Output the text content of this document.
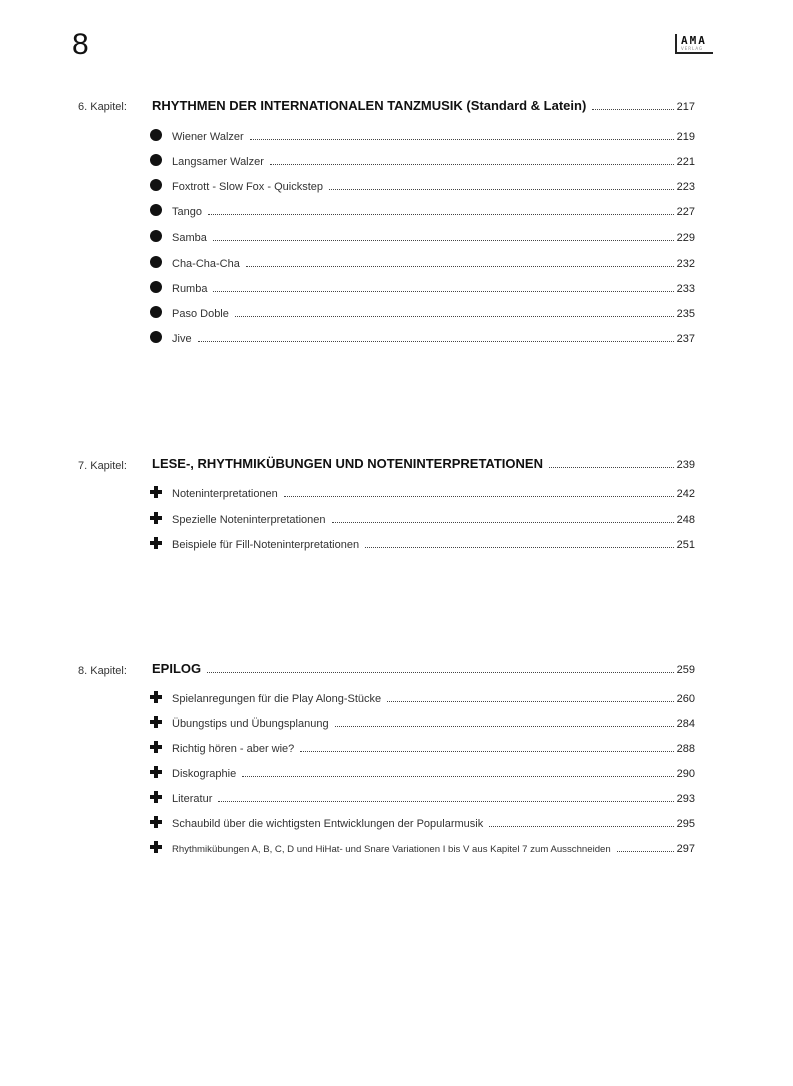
8	AMA
VERLAG
6. Kapitel: RHYTHMEN DER INTERNATIONALEN TANZMUSIK (Standard & Latein)	217
Wiener Walzer	219
Langsamer Walzer	221
Foxtrott - Slow Fox - Quickstep	223
Tango	227
Samba	229
Cha-Cha-Cha	232
Rumba	233
Paso Doble	235
Jive	237
7. Kapitel: LESE-, RHYTHMIKÜBUNGEN UND NOTENINTERPRETATIONEN	239
Noteninterpretationen	242
Spezielle Noteninterpretationen	248
Beispiele für Fill-Noteninterpretationen	251
8. Kapitel: EPILOG	259
Spielanregungen für die Play Along-Stücke	260
Übungstips und Übungsplanung	284
Richtig hören - aber wie?	288
Diskographie	290
Literatur	293
Schaubild über die wichtigsten Entwicklungen der Popularmusik	295
Rhythmikübungen A, B, C, D und HiHat- und Snare Variationen I bis V aus Kapitel 7 zum Ausschneiden	297
